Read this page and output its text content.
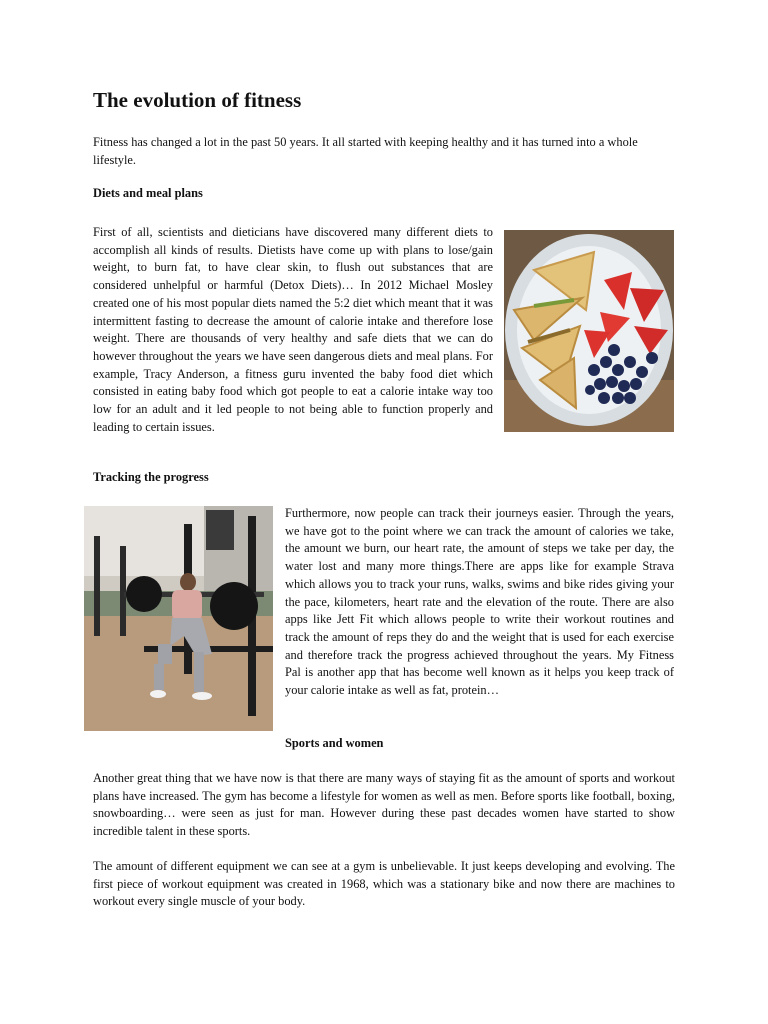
The evolution of fitness

Fitness has changed a lot in the past 50 years. It all started with keeping healthy and it has turned into a whole lifestyle.

Diets and meal plans

First of all, scientists and dieticians have discovered many different diets to accomplish all kinds of results. Dietists have come up with plans to lose/gain weight, to burn fat, to have clear skin, to flush out substances that are considered unhelpful or harmful (Detox Diets)… In 2012 Michael Mosley created one of his most popular diets named the 5:2 diet which meant that it was intermittent fasting to decrease the amount of calorie intake and therefore lose weight. There are thousands of very healthy and safe diets that we can do however throughout the years we have seen dangerous diets and meal plans. For example, Tracy Anderson, a fitness guru invented the baby food diet which consisted in eating baby food which got people to eat a calorie intake way too low for an adult and it led people to not being able to function properly and leading to certain issues.

Tracking the progress

Furthermore, now people can track their journeys easier. Through the years, we have got to the point where we can track the amount of calories we take, the amount we burn, our heart rate, the amount of steps we take per day, the water lost and many more things.There are apps like for example Strava which allows you to track your runs, walks, swims and bike rides giving your the pace, kilometers, heart rate and the elevation of the route. There are also apps like Jett Fit which allows people to write their workout routines and track the amount of reps they do and the weight that is used for each exercise and therefore track the progress achieved throughout the years. My Fitness Pal is another app that has become well known as it helps you keep track of your calorie intake as well as fat, protein…

Sports and women

Another great thing that we have now is that there are many ways of staying fit as the amount of sports and workout plans have increased. The gym has become a lifestyle for women as well as men. Before sports like football, boxing, snowboarding… were seen as just for man. However during these past decades women have started to show incredible talent in these sports.

The amount of different equipment we can see at a gym is unbelievable. It just keeps developing and evolving. The first piece of workout equipment was created in 1968, which was a stationary bike and now there are machines to workout every single muscle of your body.
